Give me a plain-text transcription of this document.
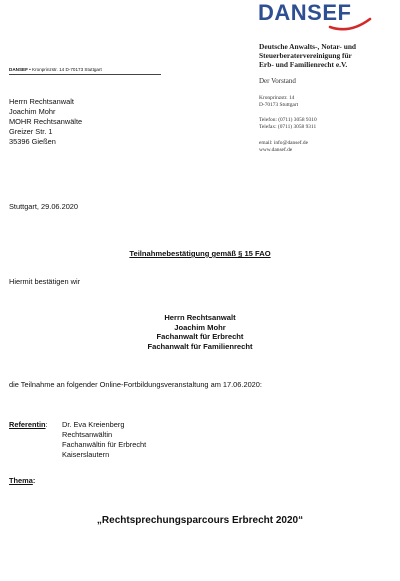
DANSEF
DANSEF • Kronprinzstr. 14 D-70173 Stuttgart
Deutsche Anwalts-, Notar- und
Steuerberatervereinigung für
Erb- und Familienrecht e.V.
Der Vorstand
Kronprinzstr. 14
D-70173 Stuttgart
Telefon: (0711) 3058 9310
Telefax: (0711) 3058 9311
email: info@dansef.de
www.dansef.de
Herrn Rechtsanwalt
Joachim Mohr
MOHR Rechtsanwälte
Greizer Str. 1
35396 Gießen
Stuttgart, 29.06.2020
Teilnahmebestätigung gemäß § 15 FAO
Hiermit bestätigen wir
Herrn Rechtsanwalt
Joachim Mohr
Fachanwalt für Erbrecht
Fachanwalt für Familienrecht
die Teilnahme an folgender Online-Fortbildungsveranstaltung am 17.06.2020:
Referentin: Dr. Eva Kreienberg
Rechtsanwältin
Fachanwältin für Erbrecht
Kaiserslautern
Thema:
„Rechtsprechungsparcours Erbrecht 2020“
